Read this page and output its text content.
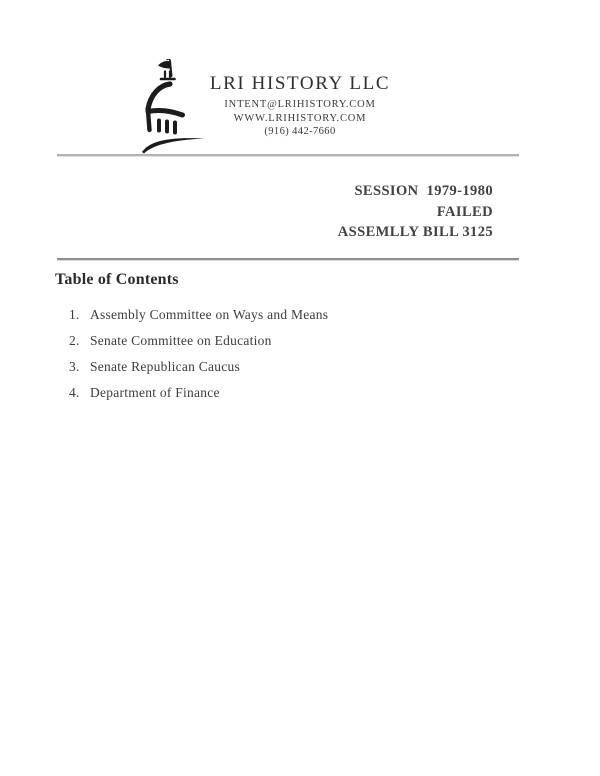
LRI HISTORY LLC
INTENT@LRIHISTORY.COM
WWW.LRIHISTORY.COM
(916) 442-7660
SESSION  1979-1980
FAILED
ASSEMLLY BILL 3125
Table of Contents
1. Assembly Committee on Ways and Means
2. Senate Committee on Education
3. Senate Republican Caucus
4. Department of Finance
